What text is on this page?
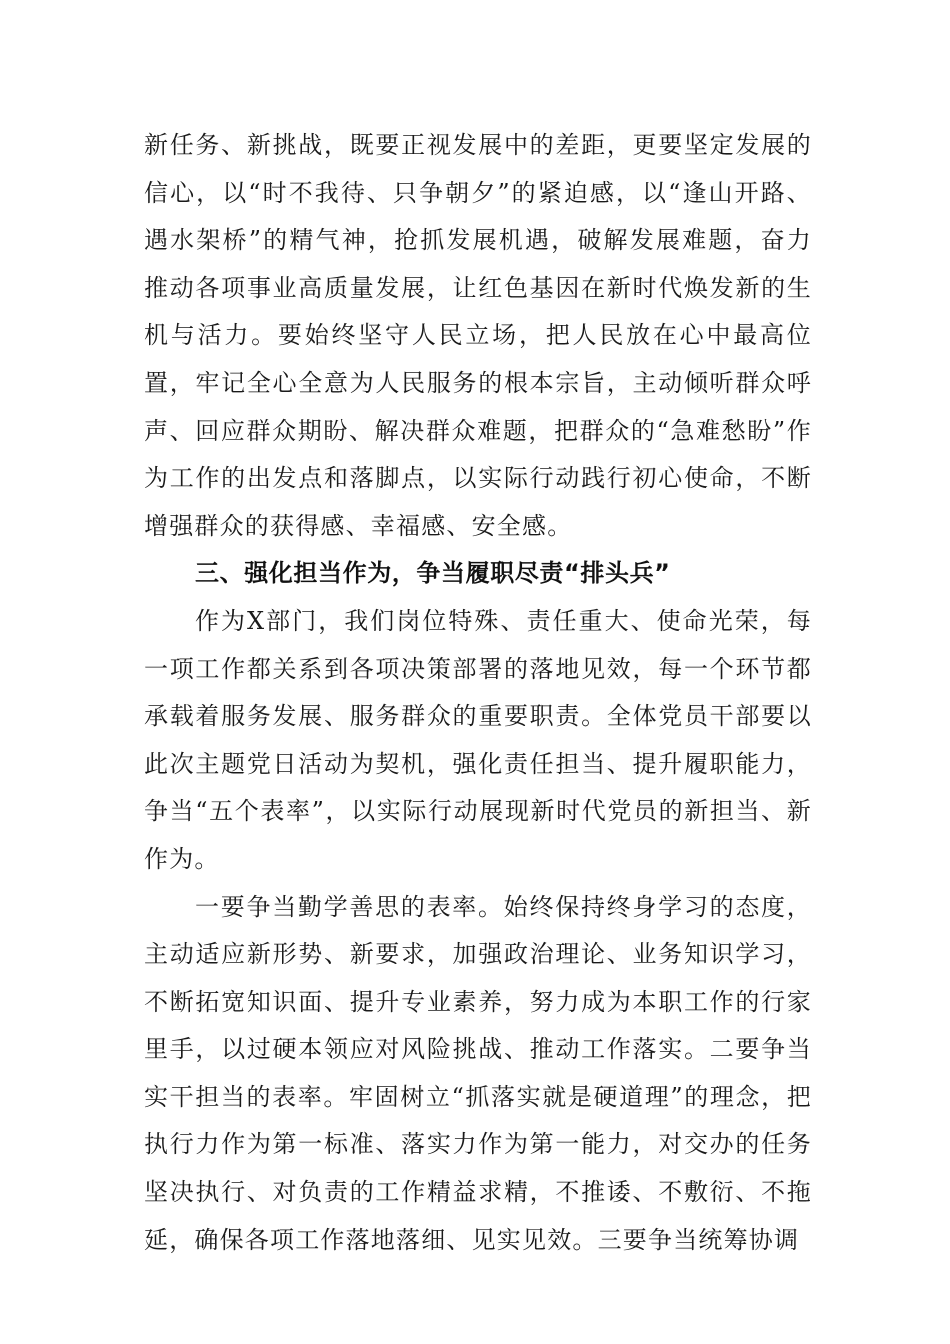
新任务、新挑战，既要正视发展中的差距，更要坚定发展的信心，以“时不我待、只争朝夕”的紧迫感，以“逢山开路、遇水架桥”的精气神，抢抓发展机遇，破解发展难题，奋力推动各项事业高质量发展，让红色基因在新时代焕发新的生机与活力。要始终坚守人民立场，把人民放在心中最高位置，牢记全心全意为人民服务的根本宗旨，主动倾听群众呼声、回应群众期盼、解决群众难题，把群众的“急难愁盼”作为工作的出发点和落脚点，以实际行动践行初心使命，不断增强群众的获得感、幸福感、安全感。

三、强化担当作为，争当履职尽责“排头兵”

作为X部门，我们岗位特殊、责任重大、使命光荣，每一项工作都关系到各项决策部署的落地见效，每一个环节都承载着服务发展、服务群众的重要职责。全体党员干部要以此次主题党日活动为契机，强化责任担当、提升履职能力，争当“五个表率”，以实际行动展现新时代党员的新担当、新作为。

一要争当勤学善思的表率。始终保持终身学习的态度，主动适应新形势、新要求，加强政治理论、业务知识学习，不断拓宽知识面、提升专业素养，努力成为本职工作的行家里手，以过硬本领应对风险挑战、推动工作落实。二要争当实干担当的表率。牢固树立“抓落实就是硬道理”的理念，把执行力作为第一标准、落实力作为第一能力，对交办的任务坚决执行、对负责的工作精益求精，不推诿、不敷衍、不拖延，确保各项工作落地落细、见实见效。三要争当统筹协调
